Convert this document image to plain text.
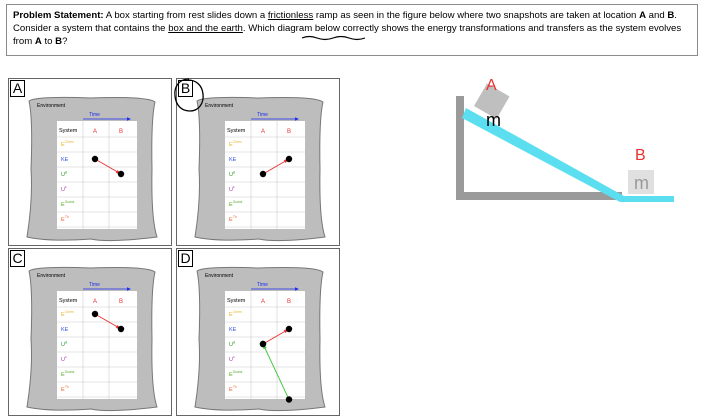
Problem Statement: A box starting from rest slides down a frictionless ramp as seen in the figure below where two snapshots are taken at location A and B. Consider a system that contains the box and the earth. Which diagram below correctly shows the energy transformations and transfers as the system evolves from A to B?
A
Environment
Time
System	A	B
E Chem
KE
U g
U s
E Sound
E Th
B
Environment
Time
System	A	B
E Chem
KE
U g
U s
E Sound
E Th
C
Environment
Time
System	A	B
E Chem
KE
U g
U s
E Sound
E Th
D
Environment
Time
System	A	B
E Chem
KE
U g
U s
E Sound
E Th
m
A
m
B
